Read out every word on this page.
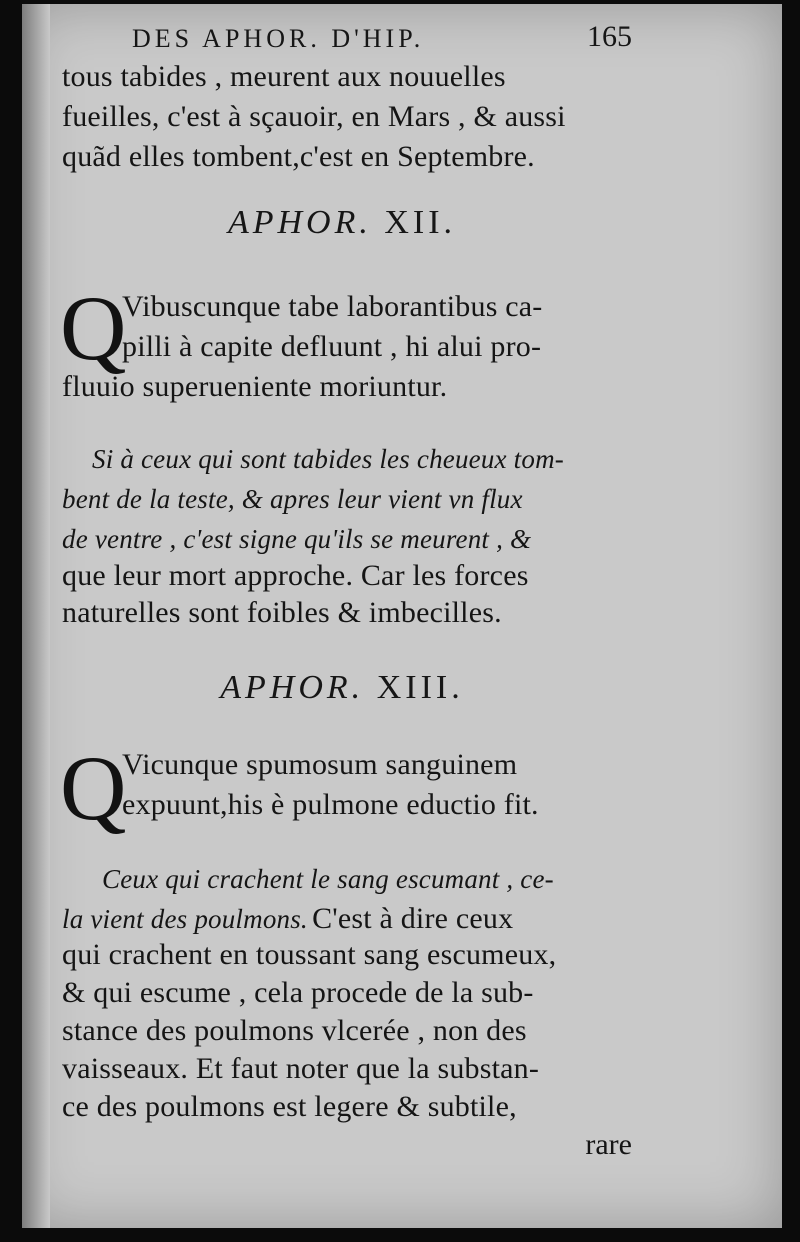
DES APHOR. D'HIP.	165

tous tabides , meurent aux nouuelles

fueilles, c'est à sçauoir, en Mars , & aussi

quãd elles tombent,c'est en Septembre.

APHOR. XII.
Q

Vibuscunque tabe laborantibus ca-

pilli à capite defluunt , hi alui pro-

fluuio superueniente moriuntur.

Si à ceux qui sont tabides les cheueux tom-

bent de la teste, & apres leur vient vn flux

de ventre , c'est signe qu'ils se meurent , &

que leur mort approche. Car les forces

naturelles sont foibles & imbecilles.

APHOR. XIII.
Q

Vicunque spumosum sanguinem

expuunt,his è pulmone eductio fit.

Ceux qui crachent le sang escumant , ce-

la vient des poulmons. C'est à dire ceux

qui crachent en toussant sang escumeux,

& qui escume , cela procede de la sub-

stance des poulmons vlcerée , non des

vaisseaux. Et faut noter que la substan-

ce des poulmons est legere & subtile,

rare
